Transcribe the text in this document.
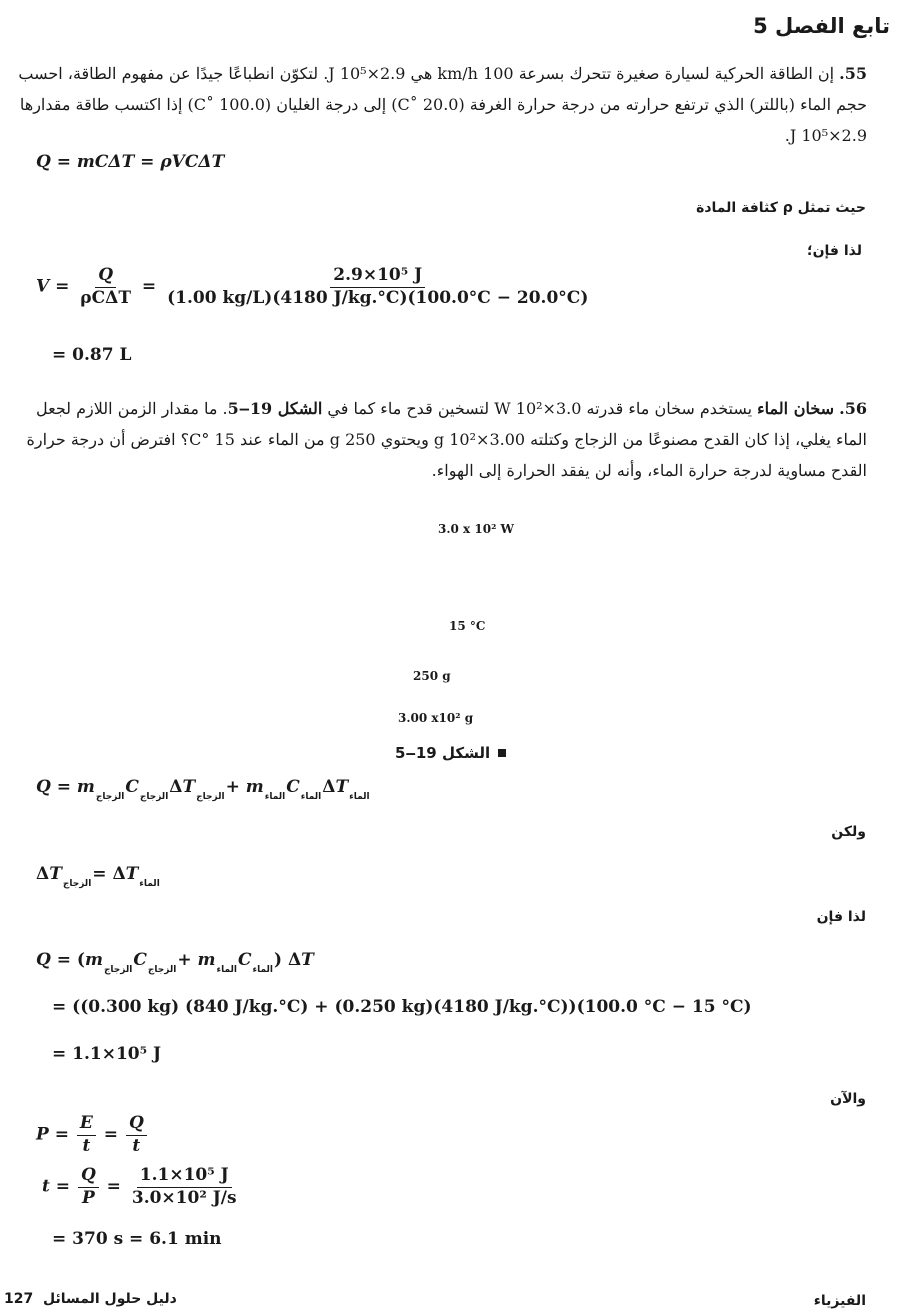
تابع الفصل 5
55. إن الطاقة الحركية لسيارة صغيرة تتحرك بسرعة 100 km/h هي 2.9×10⁵ J. لتكوّن انطباعًا جيدًا عن مفهوم الطاقة، احسب حجم الماء (باللتر) الذي ترتفع حرارته من درجة حرارة الغرفة (20.0 ˚C) إلى درجة الغليان (100.0 ˚C) إذا اكتسب طاقة مقدارها 2.9×10⁵ J.
Q = mCΔT = ρVCΔT
حيث تمثل ρ كثافة المادة
لذا فإن؛
$V = \frac{Q}{\text{ρCΔT}} = \frac{\text{2.9×10⁵ J}}{(1.00 kg/L)(4180 J/kg.^\circ C)(100.0^\circ C - 20.0^\circ C)}$
= 0.87 L
56. سخان الماء يستخدم سخان ماء قدرته 3.0×10² W لتسخين قدح ماء كما في الشكل 19‒5. ما مقدار الزمن اللازم لجعل الماء يغلي، إذا كان القدح مصنوعًا من الزجاج وكتلته 3.00×10² g ويحتوي 250 g من الماء عند 15 °C؟ افترض أن درجة حرارة القدح مساوية لدرجة حرارة الماء، وأنه لن يفقد الحرارة إلى الهواء.
3.0 x 10² W
15 °C
250 g
3.00 x10² g
الشكل 19‒5
$Q = m_{الزجاج}C_{الزجاج}\Delta T_{الزجاج}+ m_{الماء}C_{الماء}\Delta T_{الماء}$
ولكن
$\Delta T_{الزجاج}= \Delta T_{الماء}$
لذا فإن
$Q = (m_{الزجاج}C_{الزجاج}+ m_{الماء}C_{الماء})$ ΔT
= ((0.300 kg) (840 J/kg.°C) + (0.250 kg)(4180 J/kg.°C))(100.0 °C − 15 °C)
= 1.1×10⁵ J
والآن
$P = \frac{E}{t} = \frac{Q}{t}$
$t = \frac{Q}{P} = \frac{\text{1.1×10⁵ J}}{\text{3.0×10² J/s}}$
= 370 s = 6.1 min
دليل حلول المسائل  127	الفيزياء
